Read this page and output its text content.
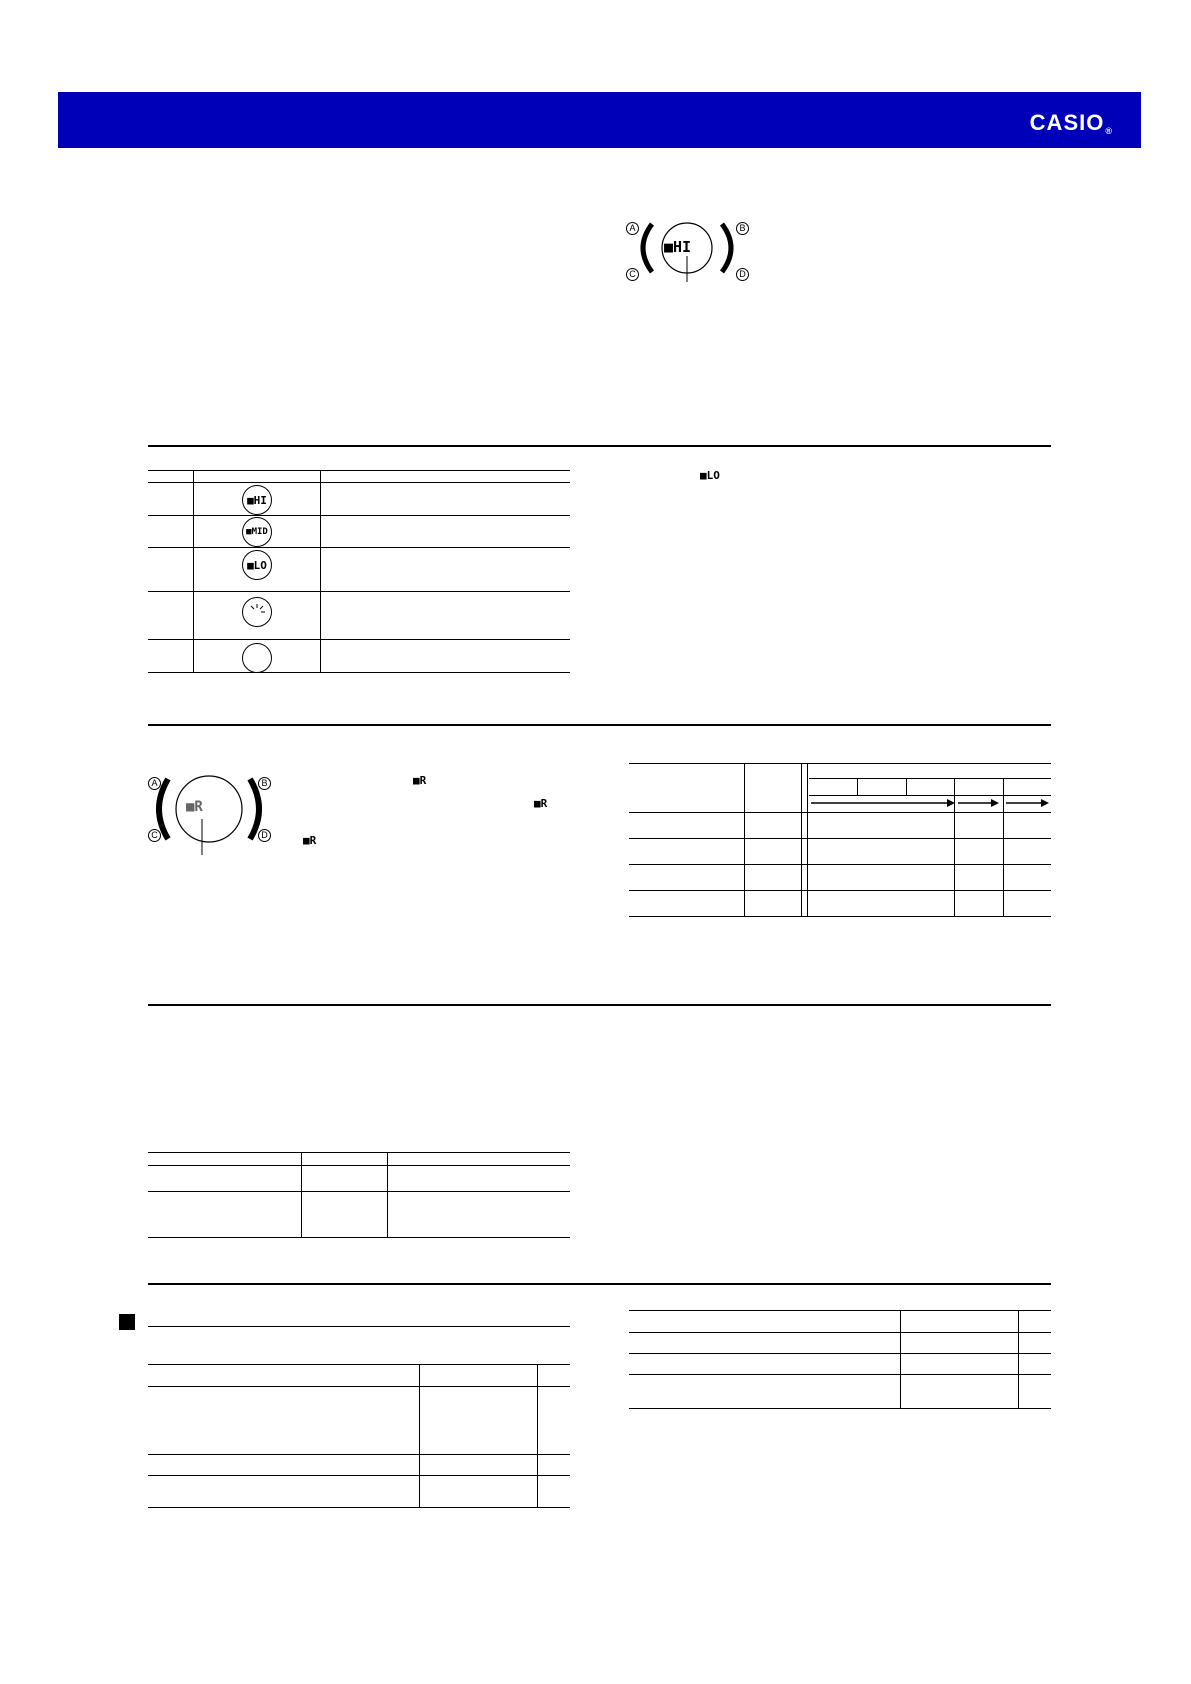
CASIO®
A	B
C	D
■HI
■HI
■MID
■LO
■LO
A	B
C	D
■R
■R
■R
■R
